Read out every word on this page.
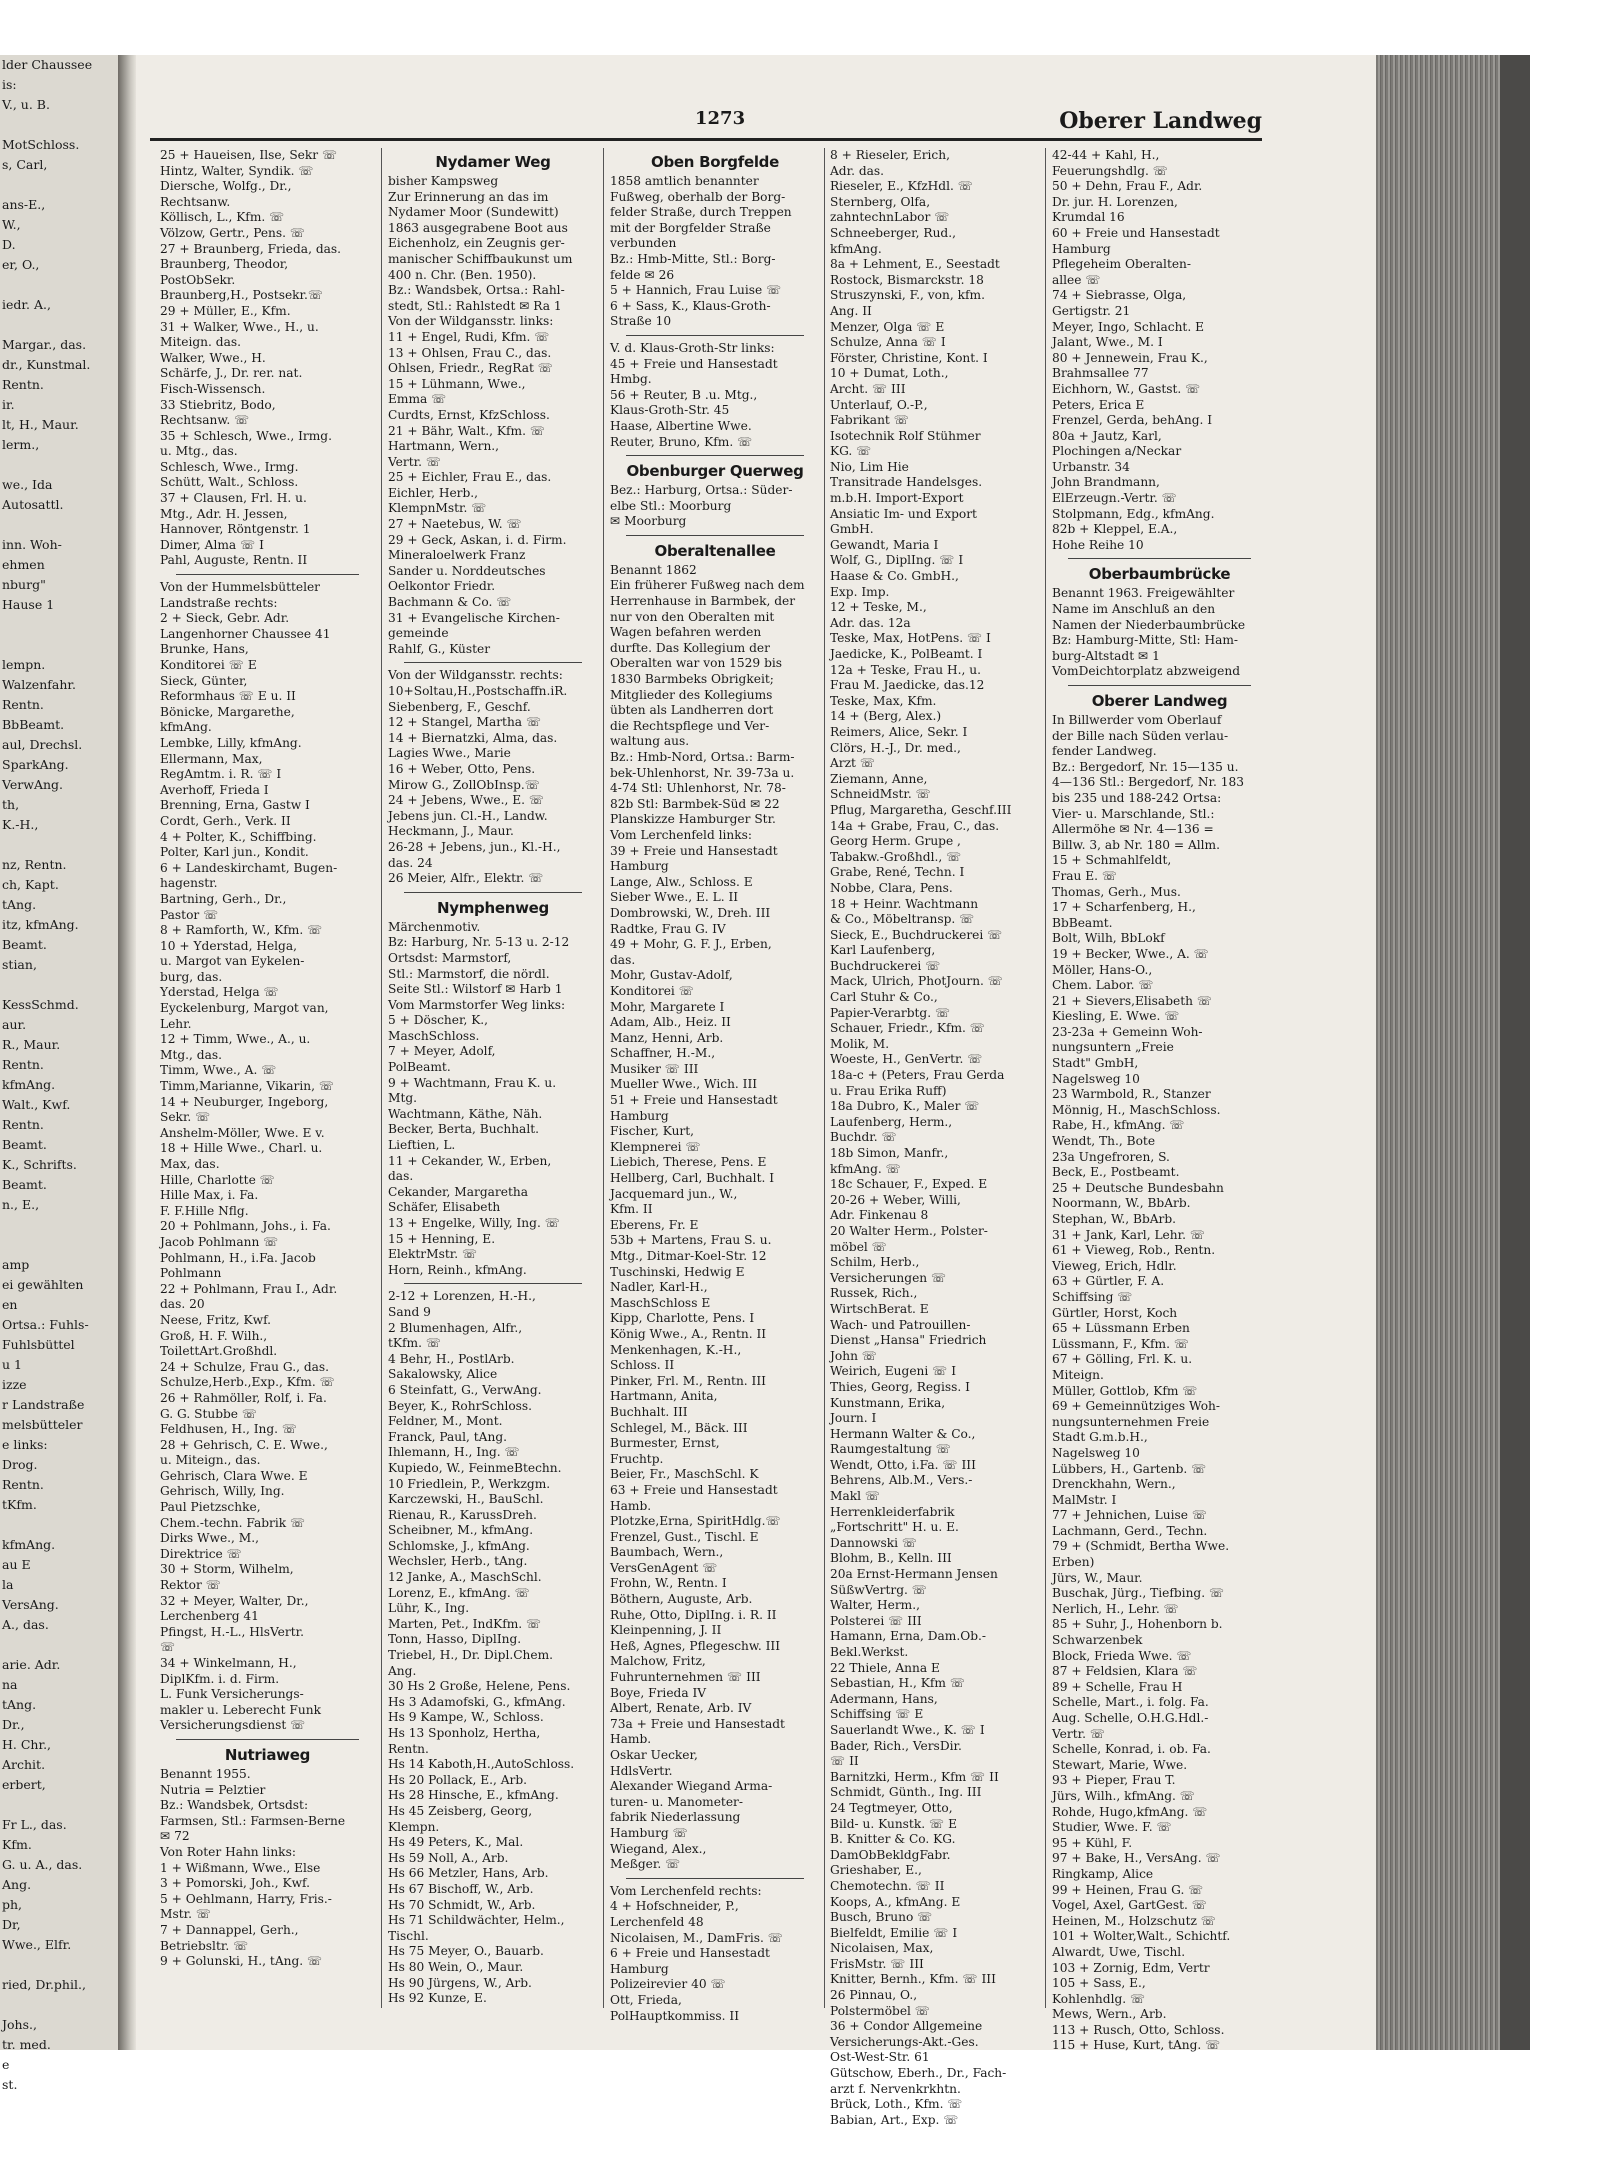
lder Chaussee
is:
V., u. B.

MotSchloss.
s, Carl,

ans-E.,
W.,
D.
er, O.,

iedr. A.,

Margar., das.
dr., Kunstmal.
Rentn.
ir.
lt, H., Maur.
lerm.,

we., Ida
Autosattl.

inn. Woh-
ehmen
nburg"
Hause 1

lempn.
Walzenfahr.
Rentn.
BbBeamt.
aul, Drechsl.
SparkAng.
VerwAng.
th,
K.-H.,

nz, Rentn.
ch, Kapt.
tAng.
itz, kfmAng.
Beamt.
stian,

KessSchmd.
aur.
R., Maur.
Rentn.
kfmAng.
Walt., Kwf.
Rentn.
Beamt.
K., Schrifts.
Beamt.
n., E.,

amp
ei gewählten
en
Ortsa.: Fuhls-
Fuhlsbüttel
u 1
izze
r Landstraße
melsbütteler
e links:
Drog.
Rentn.
tKfm.

kfmAng.
au E
la
VersAng.
A., das.

arie. Adr.
na
tAng.
Dr.,
H. Chr.,
Archit.
erbert,

Fr L., das.
Kfm.
G. u. A., das.
Ang.
ph,
Dr,
Wwe., Elfr.

ried, Dr.phil.,

Johs.,
tr. med.
e
st.
1273	Oberer Landweg
25 + Haueisen, Ilse, Sekr ☏
Hintz, Walter, Syndik. ☏
Diersche, Wolfg., Dr.,
Rechtsanw.
Köllisch, L., Kfm. ☏
Völzow, Gertr., Pens. ☏
27 + Braunberg, Frieda, das.
Braunberg, Theodor,
PostObSekr.
Braunberg,H., Postsekr.☏
29 + Müller, E., Kfm.
31 + Walker, Wwe., H., u.
Miteign. das.
Walker, Wwe., H.
Schärfe, J., Dr. rer. nat.
Fisch-Wissensch.
33 Stiebritz, Bodo,
Rechtsanw. ☏
35 + Schlesch, Wwe., Irmg.
u. Mtg., das.
Schlesch, Wwe., Irmg.
Schütt, Walt., Schloss.
37 + Clausen, Frl. H. u.
Mtg., Adr. H. Jessen,
Hannover, Röntgenstr. 1
Dimer, Alma ☏ I
Pahl, Auguste, Rentn. II
Von der Hummelsbütteler
Landstraße rechts:
2 + Sieck, Gebr. Adr.
Langenhorner Chaussee 41
Brunke, Hans,
Konditorei ☏ E
Sieck, Günter,
Reformhaus ☏ E u. II
Bönicke, Margarethe,
kfmAng.
Lembke, Lilly, kfmAng.
Ellermann, Max,
RegAmtm. i. R. ☏ I
Averhoff, Frieda I
Brenning, Erna, Gastw I
Cordt, Gerh., Verk. II
4 + Polter, K., Schiffbing.
Polter, Karl jun., Kondit.
6 + Landeskirchamt, Bugen-
hagenstr.
Bartning, Gerh., Dr.,
Pastor ☏
8 + Ramforth, W., Kfm. ☏
10 + Yderstad, Helga,
u. Margot van Eykelen-
burg, das.
Yderstad, Helga ☏
Eyckelenburg, Margot van,
Lehr.
12 + Timm, Wwe., A., u.
Mtg., das.
Timm, Wwe., A. ☏
Timm,Marianne, Vikarin, ☏
14 + Neuburger, Ingeborg,
Sekr. ☏
Anshelm-Möller, Wwe. E v.
18 + Hille Wwe., Charl. u.
Max, das.
Hille, Charlotte ☏
Hille Max, i. Fa.
F. F.Hille Nflg.
20 + Pohlmann, Johs., i. Fa.
Jacob Pohlmann ☏
Pohlmann, H., i.Fa. Jacob
Pohlmann
22 + Pohlmann, Frau I., Adr.
das. 20
Neese, Fritz, Kwf.
Groß, H. F. Wilh.,
ToilettArt.Großhdl.
24 + Schulze, Frau G., das.
Schulze,Herb.,Exp., Kfm. ☏
26 + Rahmöller, Rolf, i. Fa.
G. G. Stubbe ☏
Feldhusen, H., Ing. ☏
28 + Gehrisch, C. E. Wwe.,
u. Miteign., das.
Gehrisch, Clara Wwe. E
Gehrisch, Willy, Ing.
Paul Pietzschke,
Chem.-techn. Fabrik ☏
Dirks Wwe., M.,
Direktrice ☏
30 + Storm, Wilhelm,
Rektor ☏
32 + Meyer, Walter, Dr.,
Lerchenberg 41
Pfingst, H.-L., HlsVertr.
☏
34 + Winkelmann, H.,
DiplKfm. i. d. Firm.
L. Funk Versicherungs-
makler u. Leberecht Funk
Versicherungsdienst ☏
Nutriaweg
Benannt 1955.
Nutria = Pelztier
Bz.: Wandsbek, Ortsdst:
Farmsen, Stl.: Farmsen-Berne
✉ 72
Von Roter Hahn links:
1 + Wißmann, Wwe., Else
3 + Pomorski, Joh., Kwf.
5 + Oehlmann, Harry, Fris.-
Mstr. ☏
7 + Dannappel, Gerh.,
Betriebsltr. ☏
9 + Golunski, H., tAng. ☏
Nydamer Weg
bisher Kampsweg
Zur Erinnerung an das im
Nydamer Moor (Sundewitt)
1863 ausgegrabene Boot aus
Eichenholz, ein Zeugnis ger-
manischer Schiffbaukunst um
400 n. Chr. (Ben. 1950).
Bz.: Wandsbek, Ortsa.: Rahl-
stedt, Stl.: Rahlstedt ✉ Ra 1
Von der Wildgansstr. links:
11 + Engel, Rudi, Kfm. ☏
13 + Ohlsen, Frau C., das.
Ohlsen, Friedr., RegRat ☏
15 + Lühmann, Wwe.,
Emma ☏
Curdts, Ernst, KfzSchloss.
21 + Bähr, Walt., Kfm. ☏
Hartmann, Wern.,
Vertr. ☏
25 + Eichler, Frau E., das.
Eichler, Herb.,
KlempnMstr. ☏
27 + Naetebus, W. ☏
29 + Geck, Askan, i. d. Firm.
Mineraloelwerk Franz
Sander u. Norddeutsches
Oelkontor Friedr.
Bachmann & Co. ☏
31 + Evangelische Kirchen-
gemeinde
Rahlf, G., Küster
Von der Wildgansstr. rechts:
10+Soltau,H.,Postschaffn.iR.
Siebenberg, F., Geschf.
12 + Stangel, Martha ☏
14 + Biernatzki, Alma, das.
Lagies Wwe., Marie
16 + Weber, Otto, Pens.
Mirow G., ZollObInsp.☏
24 + Jebens, Wwe., E. ☏
Jebens jun. Cl.-H., Landw.
Heckmann, J., Maur.
26-28 + Jebens, jun., Kl.-H.,
das. 24
26 Meier, Alfr., Elektr. ☏
Nymphenweg
Märchenmotiv.
Bz: Harburg, Nr. 5-13 u. 2-12
Ortsdst: Marmstorf,
Stl.: Marmstorf, die nördl.
Seite Stl.: Wilstorf ✉ Harb 1
Vom Marmstorfer Weg links:
5 + Döscher, K.,
MaschSchloss.
7 + Meyer, Adolf,
PolBeamt.
9 + Wachtmann, Frau K. u.
Mtg.
Wachtmann, Käthe, Näh.
Becker, Berta, Buchhalt.
Lieftien, L.
11 + Cekander, W., Erben,
das.
Cekander, Margaretha
Schäfer, Elisabeth
13 + Engelke, Willy, Ing. ☏
15 + Henning, E.
ElektrMstr. ☏
Horn, Reinh., kfmAng.
2-12 + Lorenzen, H.-H.,
Sand 9
2 Blumenhagen, Alfr.,
tKfm. ☏
4 Behr, H., PostlArb.
Sakalowsky, Alice
6 Steinfatt, G., VerwAng.
Beyer, K., RohrSchloss.
Feldner, M., Mont.
Franck, Paul, tAng.
Ihlemann, H., Ing. ☏
Kupiedo, W., FeinmeBtechn.
10 Friedlein, P., Werkzgm.
Karczewski, H., BauSchl.
Rienau, R., KarussDreh.
Scheibner, M., kfmAng.
Schlomske, J., kfmAng.
Wechsler, Herb., tAng.
12 Janke, A., MaschSchl.
Lorenz, E., kfmAng. ☏
Lühr, K., Ing.
Marten, Pet., IndKfm. ☏
Tonn, Hasso, DiplIng.
Triebel, H., Dr. Dipl.Chem.
Ang.
30 Hs 2 Große, Helene, Pens.
Hs 3 Adamofski, G., kfmAng.
Hs 9 Kampe, W., Schloss.
Hs 13 Sponholz, Hertha,
Rentn.
Hs 14 Kaboth,H.,AutoSchloss.
Hs 20 Pollack, E., Arb.
Hs 28 Hinsche, E., kfmAng.
Hs 45 Zeisberg, Georg,
Klempn.
Hs 49 Peters, K., Mal.
Hs 59 Noll, A., Arb.
Hs 66 Metzler, Hans, Arb.
Hs 67 Bischoff, W., Arb.
Hs 70 Schmidt, W., Arb.
Hs 71 Schildwächter, Helm.,
Tischl.
Hs 75 Meyer, O., Bauarb.
Hs 80 Wein, O., Maur.
Hs 90 Jürgens, W., Arb.
Hs 92 Kunze, E.
Oben Borgfelde
1858 amtlich benannter
Fußweg, oberhalb der Borg-
felder Straße, durch Treppen
mit der Borgfelder Straße
verbunden
Bz.: Hmb-Mitte, Stl.: Borg-
felde ✉ 26
5 + Hannich, Frau Luise ☏
6 + Sass, K., Klaus-Groth-
Straße 10
V. d. Klaus-Groth-Str links:
45 + Freie und Hansestadt
Hmbg.
56 + Reuter, B .u. Mtg.,
Klaus-Groth-Str. 45
Haase, Albertine Wwe.
Reuter, Bruno, Kfm. ☏
Obenburger Querweg
Bez.: Harburg, Ortsa.: Süder-
elbe Stl.: Moorburg
✉ Moorburg
Oberaltenallee
Benannt 1862
Ein früherer Fußweg nach dem
Herrenhause in Barmbek, der
nur von den Oberalten mit
Wagen befahren werden
durfte. Das Kollegium der
Oberalten war von 1529 bis
1830 Barmbeks Obrigkeit;
Mitglieder des Kollegiums
übten als Landherren dort
die Rechtspflege und Ver-
waltung aus.
Bz.: Hmb-Nord, Ortsa.: Barm-
bek-Uhlenhorst, Nr. 39-73a u.
4-74 Stl: Uhlenhorst, Nr. 78-
82b Stl: Barmbek-Süd ✉ 22
Planskizze Hamburger Str.
Vom Lerchenfeld links:
39 + Freie und Hansestadt
Hamburg
Lange, Alw., Schloss. E
Sieber Wwe., E. L. II
Dombrowski, W., Dreh. III
Radtke, Frau G. IV
49 + Mohr, G. F. J., Erben,
das.
Mohr, Gustav-Adolf,
Konditorei ☏
Mohr, Margarete I
Adam, Alb., Heiz. II
Manz, Henni, Arb.
Schaffner, H.-M.,
Musiker ☏ III
Mueller Wwe., Wich. III
51 + Freie und Hansestadt
Hamburg
Fischer, Kurt,
Klempnerei ☏
Liebich, Therese, Pens. E
Hellberg, Carl, Buchhalt. I
Jacquemard jun., W.,
Kfm. II
Eberens, Fr. E
53b + Martens, Frau S. u.
Mtg., Ditmar-Koel-Str. 12
Tuschinski, Hedwig E
Nadler, Karl-H.,
MaschSchloss E
Kipp, Charlotte, Pens. I
König Wwe., A., Rentn. II
Menkenhagen, K.-H.,
Schloss. II
Pinker, Frl. M., Rentn. III
Hartmann, Anita,
Buchhalt. III
Schlegel, M., Bäck. III
Burmester, Ernst,
Fruchtp.
Beier, Fr., MaschSchl. K
63 + Freie und Hansestadt
Hamb.
Plotzke,Erna, SpiritHdlg.☏
Frenzel, Gust., Tischl. E
Baumbach, Wern.,
VersGenAgent ☏
Frohn, W., Rentn. I
Böthern, Auguste, Arb.
Ruhe, Otto, DiplIng. i. R. II
Kleinpenning, J. II
Heß, Agnes, Pflegeschw. III
Malchow, Fritz,
Fuhrunternehmen ☏ III
Boye, Frieda IV
Albert, Renate, Arb. IV
73a + Freie und Hansestadt
Hamb.
Oskar Uecker,
HdlsVertr.
Alexander Wiegand Arma-
turen- u. Manometer-
fabrik Niederlassung
Hamburg ☏
Wiegand, Alex.,
Meßger. ☏
Vom Lerchenfeld rechts:
4 + Hofschneider, P.,
Lerchenfeld 48
Nicolaisen, M., DamFris. ☏
6 + Freie und Hansestadt
Hamburg
Polizeirevier 40 ☏
Ott, Frieda,
PolHauptkommiss. II
8 + Rieseler, Erich,
Adr. das.
Rieseler, E., KfzHdl. ☏
Sternberg, Olfa,
zahntechnLabor ☏
Schneeberger, Rud.,
kfmAng.
8a + Lehment, E., Seestadt
Rostock, Bismarckstr. 18
Struszynski, F., von, kfm.
Ang. II
Menzer, Olga ☏ E
Schulze, Anna ☏ I
Förster, Christine, Kont. I
10 + Dumat, Loth.,
Archt. ☏ III
Unterlauf, O.-P.,
Fabrikant ☏
Isotechnik Rolf Stühmer
KG. ☏
Nio, Lim Hie
Transitrade Handelsges.
m.b.H. Import-Export
Ansiatic Im- und Export
GmbH.
Gewandt, Maria I
Wolf, G., DiplIng. ☏ I
Haase & Co. GmbH.,
Exp. Imp.
12 + Teske, M.,
Adr. das. 12a
Teske, Max, HotPens. ☏ I
Jaedicke, K., PolBeamt. I
12a + Teske, Frau H., u.
Frau M. Jaedicke, das.12
Teske, Max, Kfm.
14 + (Berg, Alex.)
Reimers, Alice, Sekr. I
Clörs, H.-J., Dr. med.,
Arzt ☏
Ziemann, Anne,
SchneidMstr. ☏
Pflug, Margaretha, Geschf.III
14a + Grabe, Frau, C., das.
Georg Herm. Grupe ,
Tabakw.-Großhdl., ☏
Grabe, René, Techn. I
Nobbe, Clara, Pens.
18 + Heinr. Wachtmann
& Co., Möbeltransp. ☏
Sieck, E., Buchdruckerei ☏
Karl Laufenberg,
Buchdruckerei ☏
Mack, Ulrich, PhotJourn. ☏
Carl Stuhr & Co.,
Papier-Verarbtg. ☏
Schauer, Friedr., Kfm. ☏
Molik, M.
Woeste, H., GenVertr. ☏
18a-c + (Peters, Frau Gerda
u. Frau Erika Ruff)
18a Dubro, K., Maler ☏
Laufenberg, Herm.,
Buchdr. ☏
18b Simon, Manfr.,
kfmAng. ☏
18c Schauer, F., Exped. E
20-26 + Weber, Willi,
Adr. Finkenau 8
20 Walter Herm., Polster-
möbel ☏
Schilm, Herb.,
Versicherungen ☏
Russek, Rich.,
WirtschBerat. E
Wach- und Patrouillen-
Dienst „Hansa" Friedrich
John ☏
Weirich, Eugeni ☏ I
Thies, Georg, Regiss. I
Kunstmann, Erika,
Journ. I
Hermann Walter & Co.,
Raumgestaltung ☏
Wendt, Otto, i.Fa. ☏ III
Behrens, Alb.M., Vers.-
Makl ☏
Herrenkleiderfabrik
„Fortschritt" H. u. E.
Dannowski ☏
Blohm, B., Kelln. III
20a Ernst-Hermann Jensen
SüßwVertrg. ☏
Walter, Herm.,
Polsterei ☏ III
Hamann, Erna, Dam.Ob.-
Bekl.Werkst.
22 Thiele, Anna E
Sebastian, H., Kfm ☏
Adermann, Hans,
Schiffsing ☏ E
Sauerlandt Wwe., K. ☏ I
Bader, Rich., VersDir.
☏ II
Barnitzki, Herm., Kfm ☏ II
Schmidt, Günth., Ing. III
24 Tegtmeyer, Otto,
Bild- u. Kunstk. ☏ E
B. Knitter & Co. KG.
DamObBekldgFabr.
Grieshaber, E.,
Chemotechn. ☏ II
Koops, A., kfmAng. E
Busch, Bruno ☏
Bielfeldt, Emilie ☏ I
Nicolaisen, Max,
FrisMstr. ☏ III
Knitter, Bernh., Kfm. ☏ III
26 Pinnau, O.,
Polstermöbel ☏
36 + Condor Allgemeine
Versicherungs-Akt.-Ges.
Ost-West-Str. 61
Gütschow, Eberh., Dr., Fach-
arzt f. Nervenkrkhtn.
Brück, Loth., Kfm. ☏
Babian, Art., Exp. ☏
42-44 + Kahl, H.,
Feuerungshdlg. ☏
50 + Dehn, Frau F., Adr.
Dr. jur. H. Lorenzen,
Krumdal 16
60 + Freie und Hansestadt
Hamburg
Pflegeheim Oberalten-
allee ☏
74 + Siebrasse, Olga,
Gertigstr. 21
Meyer, Ingo, Schlacht. E
Jalant, Wwe., M. I
80 + Jennewein, Frau K.,
Brahmsallee 77
Eichhorn, W., Gastst. ☏
Peters, Erica E
Frenzel, Gerda, behAng. I
80a + Jautz, Karl,
Plochingen a/Neckar
Urbanstr. 34
John Brandmann,
ElErzeugn.-Vertr. ☏
Stolpmann, Edg., kfmAng.
82b + Kleppel, E.A.,
Hohe Reihe 10
Oberbaumbrücke
Benannt 1963. Freigewählter
Name im Anschluß an den
Namen der Niederbaumbrücke
Bz: Hamburg-Mitte, Stl: Ham-
burg-Altstadt ✉ 1
VomDeichtorplatz abzweigend
Oberer Landweg
In Billwerder vom Oberlauf
der Bille nach Süden verlau-
fender Landweg.
Bz.: Bergedorf, Nr. 15—135 u.
4—136 Stl.: Bergedorf, Nr. 183
bis 235 und 188-242 Ortsa:
Vier- u. Marschlande, Stl.:
Allermöhe ✉ Nr. 4—136 =
Billw. 3, ab Nr. 180 = Allm.
15 + Schmahlfeldt,
Frau E. ☏
Thomas, Gerh., Mus.
17 + Scharfenberg, H.,
BbBeamt.
Bolt, Wilh, BbLokf
19 + Becker, Wwe., A. ☏
Möller, Hans-O.,
Chem. Labor. ☏
21 + Sievers,Elisabeth ☏
Kiesling, E. Wwe. ☏
23-23a + Gemeinn Woh-
nungsuntern „Freie
Stadt" GmbH,
Nagelsweg 10
23 Warmbold, R., Stanzer
Mönnig, H., MaschSchloss.
Rabe, H., kfmAng. ☏
Wendt, Th., Bote
23a Ungefroren, S.
Beck, E., Postbeamt.
25 + Deutsche Bundesbahn
Noormann, W., BbArb.
Stephan, W., BbArb.
31 + Jank, Karl, Lehr. ☏
61 + Vieweg, Rob., Rentn.
Vieweg, Erich, Hdlr.
63 + Gürtler, F. A.
Schiffsing ☏
Gürtler, Horst, Koch
65 + Lüssmann Erben
Lüssmann, F., Kfm. ☏
67 + Gölling, Frl. K. u.
Miteign.
Müller, Gottlob, Kfm ☏
69 + Gemeinnütziges Woh-
nungsunternehmen Freie
Stadt G.m.b.H.,
Nagelsweg 10
Lübbers, H., Gartenb. ☏
Drenckhahn, Wern.,
MalMstr. I
77 + Jehnichen, Luise ☏
Lachmann, Gerd., Techn.
79 + (Schmidt, Bertha Wwe.
Erben)
Jürs, W., Maur.
Buschak, Jürg., Tiefbing. ☏
Nerlich, H., Lehr. ☏
85 + Suhr, J., Hohenborn b.
Schwarzenbek
Block, Frieda Wwe. ☏
87 + Feldsien, Klara ☏
89 + Schelle, Frau H
Schelle, Mart., i. folg. Fa.
Aug. Schelle, O.H.G.Hdl.-
Vertr. ☏
Schelle, Konrad, i. ob. Fa.
Stewart, Marie, Wwe.
93 + Pieper, Frau T.
Jürs, Wilh., kfmAng. ☏
Rohde, Hugo,kfmAng. ☏
Studier, Wwe. F. ☏
95 + Kühl, F.
97 + Bake, H., VersAng. ☏
Ringkamp, Alice
99 + Heinen, Frau G. ☏
Vogel, Axel, GartGest. ☏
Heinen, M., Holzschutz ☏
101 + Wolter,Walt., Schichtf.
Alwardt, Uwe, Tischl.
103 + Zornig, Edm, Vertr
105 + Sass, E.,
Kohlenhdlg. ☏
Mews, Wern., Arb.
113 + Rusch, Otto, Schloss.
115 + Huse, Kurt, tAng. ☏
